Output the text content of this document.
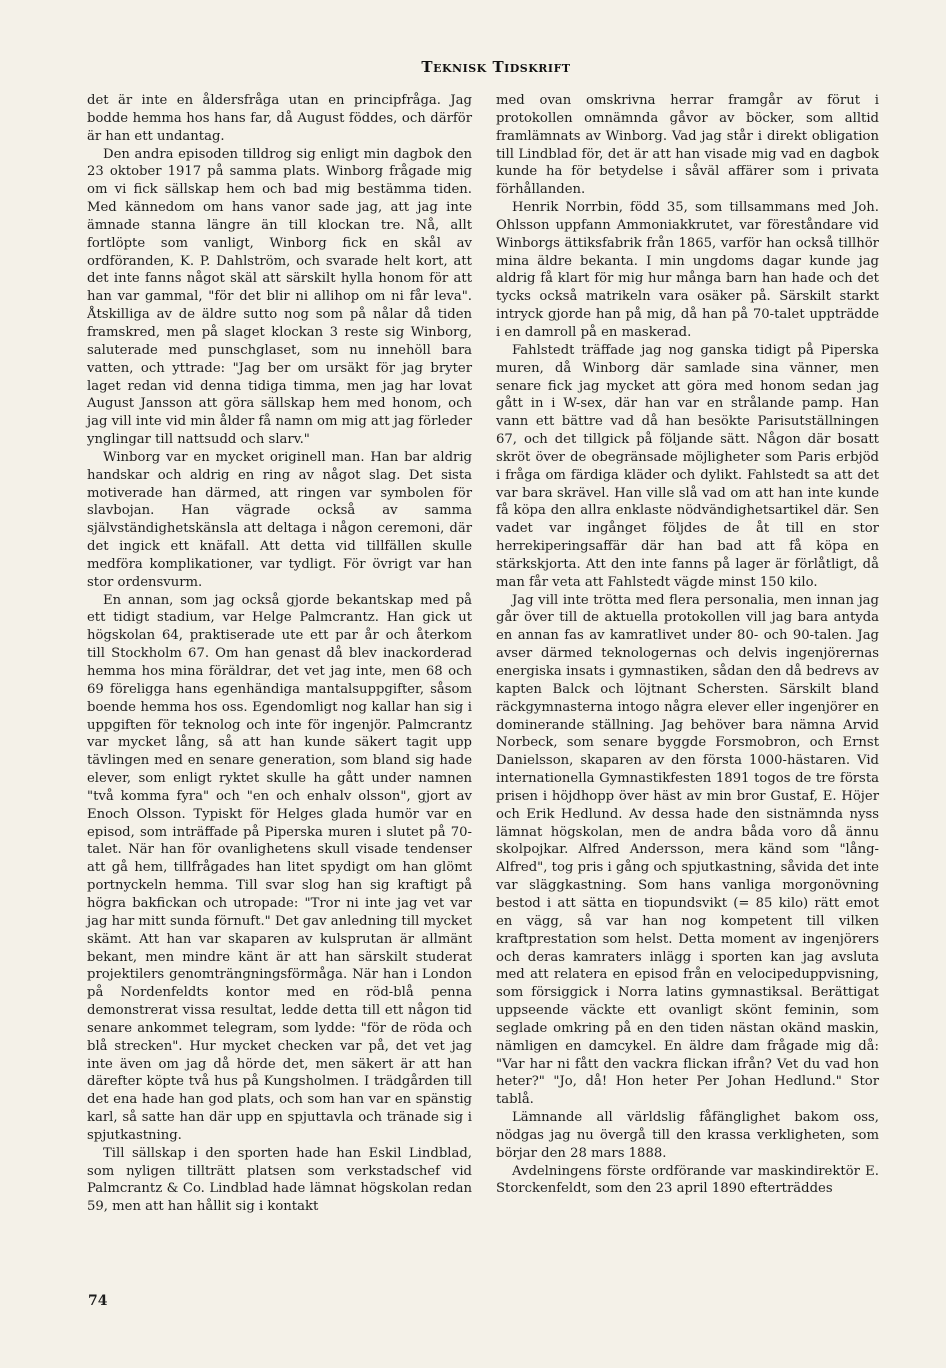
Teknisk Tidskrift

det är inte en åldersfråga utan en principfråga. Jag bodde hemma hos hans far, då August föddes, och därför är han ett undantag.

Den andra episoden tilldrog sig enligt min dagbok den 23 oktober 1917 på samma plats. Winborg frågade mig om vi fick sällskap hem och bad mig bestämma tiden. Med kännedom om hans vanor sade jag, att jag inte ämnade stanna längre än till klockan tre. Nå, allt fortlöpte som vanligt, Winborg fick en skål av ordföranden, K. P. Dahlström, och svarade helt kort, att det inte fanns något skäl att särskilt hylla honom för att han var gammal, "för det blir ni allihop om ni får leva". Åtskilliga av de äldre sutto nog som på nålar då tiden framskred, men på slaget klockan 3 reste sig Winborg, saluterade med punschglaset, som nu innehöll bara vatten, och yttrade: "Jag ber om ursäkt för jag bryter laget redan vid denna tidiga timma, men jag har lovat August Jansson att göra sällskap hem med honom, och jag vill inte vid min ålder få namn om mig att jag förleder ynglingar till nattsudd och slarv."

Winborg var en mycket originell man. Han bar aldrig handskar och aldrig en ring av något slag. Det sista motiverade han därmed, att ringen var symbolen för slavbojan. Han vägrade också av samma självständighetskänsla att deltaga i någon ceremoni, där det ingick ett knäfall. Att detta vid tillfällen skulle medföra komplikationer, var tydligt. För övrigt var han stor ordensvurm.

En annan, som jag också gjorde bekantskap med på ett tidigt stadium, var Helge Palmcrantz. Han gick ut högskolan 64, praktiserade ute ett par år och återkom till Stockholm 67. Om han genast då blev inackorderad hemma hos mina föräldrar, det vet jag inte, men 68 och 69 föreligga hans egenhändiga mantalsuppgifter, såsom boende hemma hos oss. Egendomligt nog kallar han sig i uppgiften för teknolog och inte för ingenjör. Palmcrantz var mycket lång, så att han kunde säkert tagit upp tävlingen med en senare generation, som bland sig hade elever, som enligt ryktet skulle ha gått under namnen "två komma fyra" och "en och enhalv olsson", gjort av Enoch Olsson. Typiskt för Helges glada humör var en episod, som inträffade på Piperska muren i slutet på 70-talet. När han för ovanlighetens skull visade tendenser att gå hem, tillfrågades han litet spydigt om han glömt portnyckeln hemma. Till svar slog han sig kraftigt på högra bakfickan och utropade: "Tror ni inte jag vet var jag har mitt sunda förnuft." Det gav anledning till mycket skämt. Att han var skaparen av kulsprutan är allmänt bekant, men mindre känt är att han särskilt studerat projektilers genomträngningsförmåga. När han i London på Nordenfeldts kontor med en röd-blå penna demonstrerat vissa resultat, ledde detta till ett någon tid senare ankommet telegram, som lydde: "för de röda och blå strecken". Hur mycket checken var på, det vet jag inte även om jag då hörde det, men säkert är att han därefter köpte två hus på Kungsholmen. I trädgården till det ena hade han god plats, och som han var en spänstig karl, så satte han där upp en spjuttavla och tränade sig i spjutkastning.

Till sällskap i den sporten hade han Eskil Lindblad, som nyligen tillträtt platsen som verkstadschef vid Palmcrantz & Co. Lindblad hade lämnat högskolan redan 59, men att han hållit sig i kontakt

med ovan omskrivna herrar framgår av förut i protokollen omnämnda gåvor av böcker, som alltid framlämnats av Winborg. Vad jag står i direkt obligation till Lindblad för, det är att han visade mig vad en dagbok kunde ha för betydelse i såväl affärer som i privata förhållanden.

Henrik Norrbin, född 35, som tillsammans med Joh. Ohlsson uppfann Ammoniakkrutet, var föreståndare vid Winborgs ättiksfabrik från 1865, varför han också tillhör mina äldre bekanta. I min ungdoms dagar kunde jag aldrig få klart för mig hur många barn han hade och det tycks också matrikeln vara osäker på. Särskilt starkt intryck gjorde han på mig, då han på 70-talet uppträdde i en damroll på en maskerad.

Fahlstedt träffade jag nog ganska tidigt på Piperska muren, då Winborg där samlade sina vänner, men senare fick jag mycket att göra med honom sedan jag gått in i W-sex, där han var en strålande pamp. Han vann ett bättre vad då han besökte Parisutställningen 67, och det tillgick på följande sätt. Någon där bosatt skröt över de obegränsade möjligheter som Paris erbjöd i fråga om färdiga kläder och dylikt. Fahlstedt sa att det var bara skrävel. Han ville slå vad om att han inte kunde få köpa den allra enklaste nödvändighetsartikel där. Sen vadet var ingånget följdes de åt till en stor herrekiperingsaffär där han bad att få köpa en stärkskjorta. Att den inte fanns på lager är förlåtligt, då man får veta att Fahlstedt vägde minst 150 kilo.

Jag vill inte trötta med flera personalia, men innan jag går över till de aktuella protokollen vill jag bara antyda en annan fas av kamratlivet under 80- och 90-talen. Jag avser därmed teknologernas och delvis ingenjörernas energiska insats i gymnastiken, sådan den då bedrevs av kapten Balck och löjtnant Schersten. Särskilt bland räckgymnasterna intogo några elever eller ingenjörer en dominerande ställning. Jag behöver bara nämna Arvid Norbeck, som senare byggde Forsmobron, och Ernst Danielsson, skaparen av den första 1000-hästaren. Vid internationella Gymnastikfesten 1891 togos de tre första prisen i höjdhopp över häst av min bror Gustaf, E. Höjer och Erik Hedlund. Av dessa hade den sistnämnda nyss lämnat högskolan, men de andra båda voro då ännu skolpojkar. Alfred Andersson, mera känd som "lång-Alfred", tog pris i gång och spjutkastning, såvida det inte var släggkastning. Som hans vanliga morgonövning bestod i att sätta en tiopundsvikt (= 85 kilo) rätt emot en vägg, så var han nog kompetent till vilken kraftprestation som helst. Detta moment av ingenjörers och deras kamraters inlägg i sporten kan jag avsluta med att relatera en episod från en velocipeduppvisning, som försiggick i Norra latins gymnastiksal. Berättigat uppseende väckte ett ovanligt skönt feminin, som seglade omkring på en den tiden nästan okänd maskin, nämligen en damcykel. En äldre dam frågade mig då: "Var har ni fått den vackra flickan ifrån? Vet du vad hon heter?" "Jo, då! Hon heter Per Johan Hedlund." Stor tablå.

Lämnande all världslig fåfänglighet bakom oss, nödgas jag nu övergå till den krassa verkligheten, som börjar den 28 mars 1888.

Avdelningens förste ordförande var maskindirektör E. Storckenfeldt, som den 23 april 1890 efterträddes

74
